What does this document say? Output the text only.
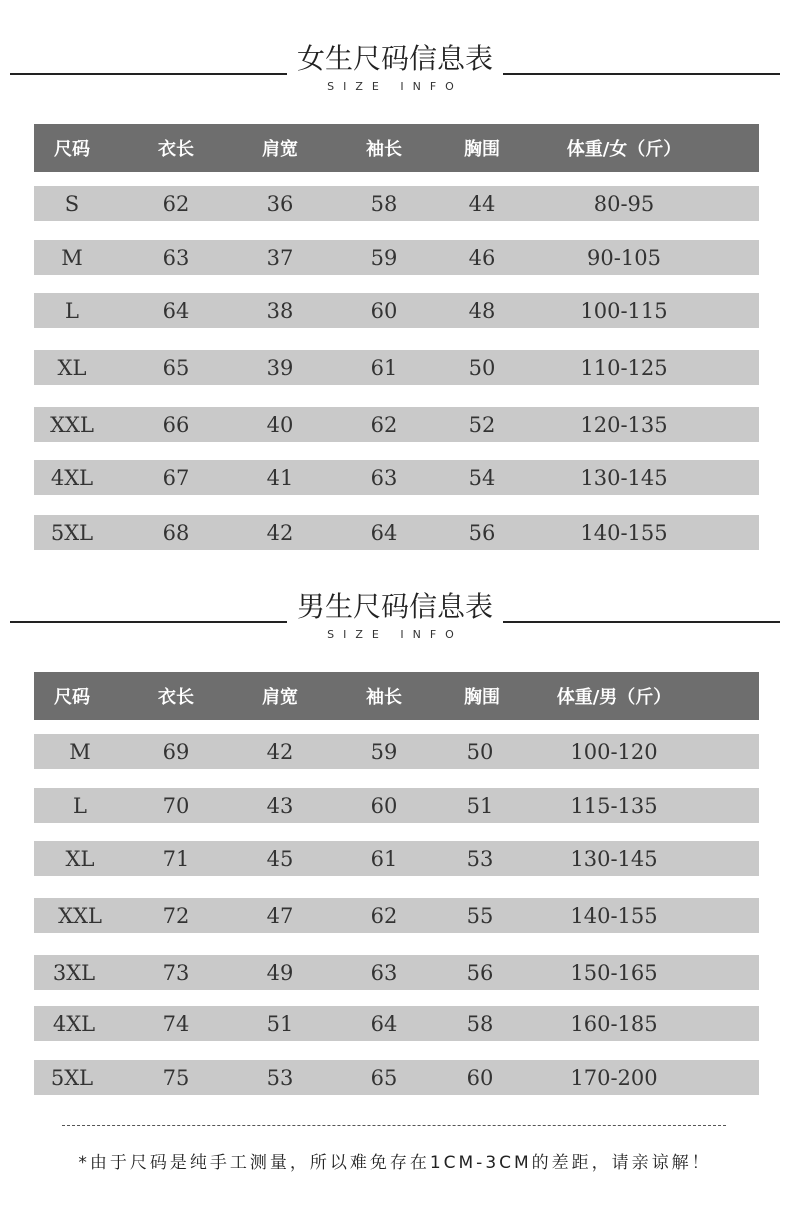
女生尺码信息表
SIZE INFO
尺码	衣长	肩宽	袖长	胸围	体重/女（斤）
S	62	36	58	44	80-95
M	63	37	59	46	90-105
L	64	38	60	48	100-115
XL	65	39	61	50	110-125
XXL	66	40	62	52	120-135
4XL	67	41	63	54	130-145
5XL	68	42	64	56	140-155
男生尺码信息表
SIZE INFO
尺码	衣长	肩宽	袖长	胸围	体重/男（斤）
M	69	42	59	50	100-120
L	70	43	60	51	115-135
XL	71	45	61	53	130-145
XXL	72	47	62	55	140-155
3XL	73	49	63	56	150-165
4XL	74	51	64	58	160-185
5XL	75	53	65	60	170-200
*由于尺码是纯手工测量，所以难免存在1CM-3CM的差距，请亲谅解！
